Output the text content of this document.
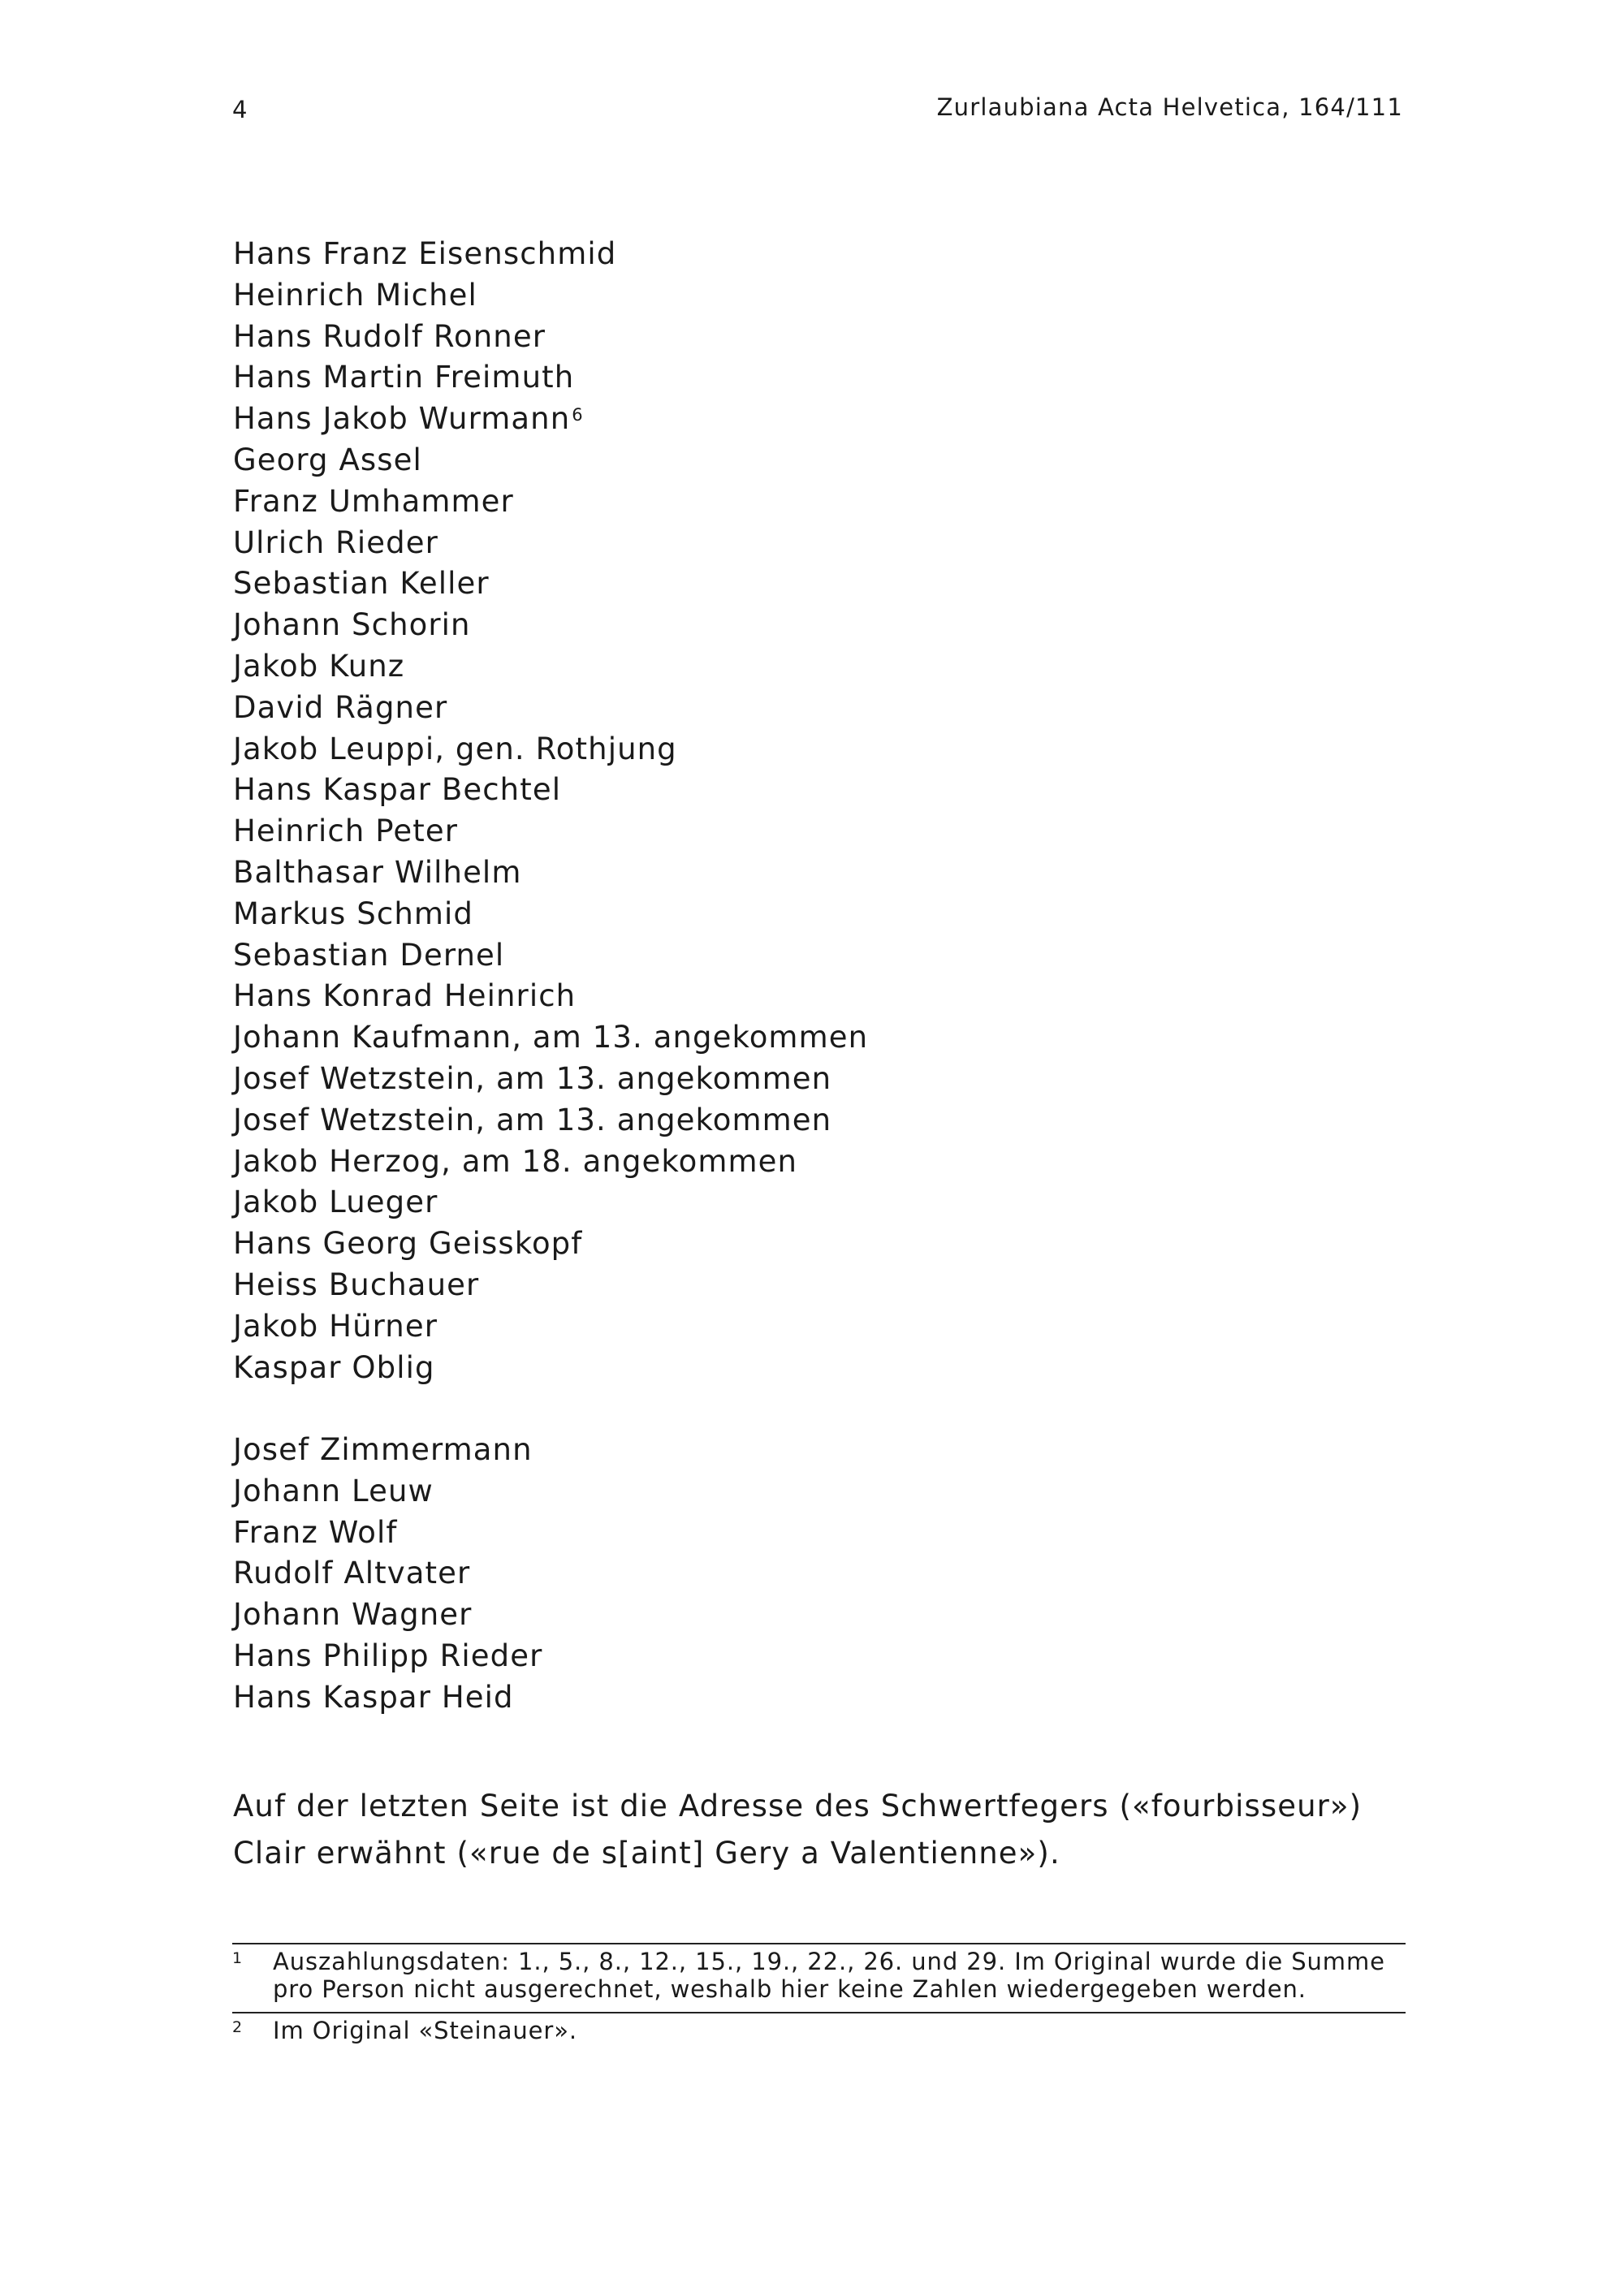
4	Zurlaubiana Acta Helvetica, 164/111
Hans Franz Eisenschmid
Heinrich Michel
Hans Rudolf Ronner
Hans Martin Freimuth
Hans Jakob Wurmann$^6$
Georg Assel
Franz Umhammer
Ulrich Rieder
Sebastian Keller
Johann Schorin
Jakob Kunz
David Rägner
Jakob Leuppi, gen. Rothjung
Hans Kaspar Bechtel
Heinrich Peter
Balthasar Wilhelm
Markus Schmid
Sebastian Dernel
Hans Konrad Heinrich
Johann Kaufmann, am 13. angekommen
Josef Wetzstein, am 13. angekommen
Josef Wetzstein, am 13. angekommen
Jakob Herzog, am 18. angekommen
Jakob Lueger
Hans Georg Geisskopf
Heiss Buchauer
Jakob Hürner
Kaspar Oblig
Josef Zimmermann
Johann Leuw
Franz Wolf
Rudolf Altvater
Johann Wagner
Hans Philipp Rieder
Hans Kaspar Heid

Auf der letzten Seite ist die Adresse des Schwertfegers («fourbisseur») Clair erwähnt («rue de s[aint] Gery a Valentienne»).

1 Auszahlungsdaten: 1., 5., 8., 12., 15., 19., 22., 26. und 29. Im Original wurde die Summe pro Person nicht ausgerechnet, weshalb hier keine Zahlen wiedergegeben werden.
2 Im Original «Steinauer».
